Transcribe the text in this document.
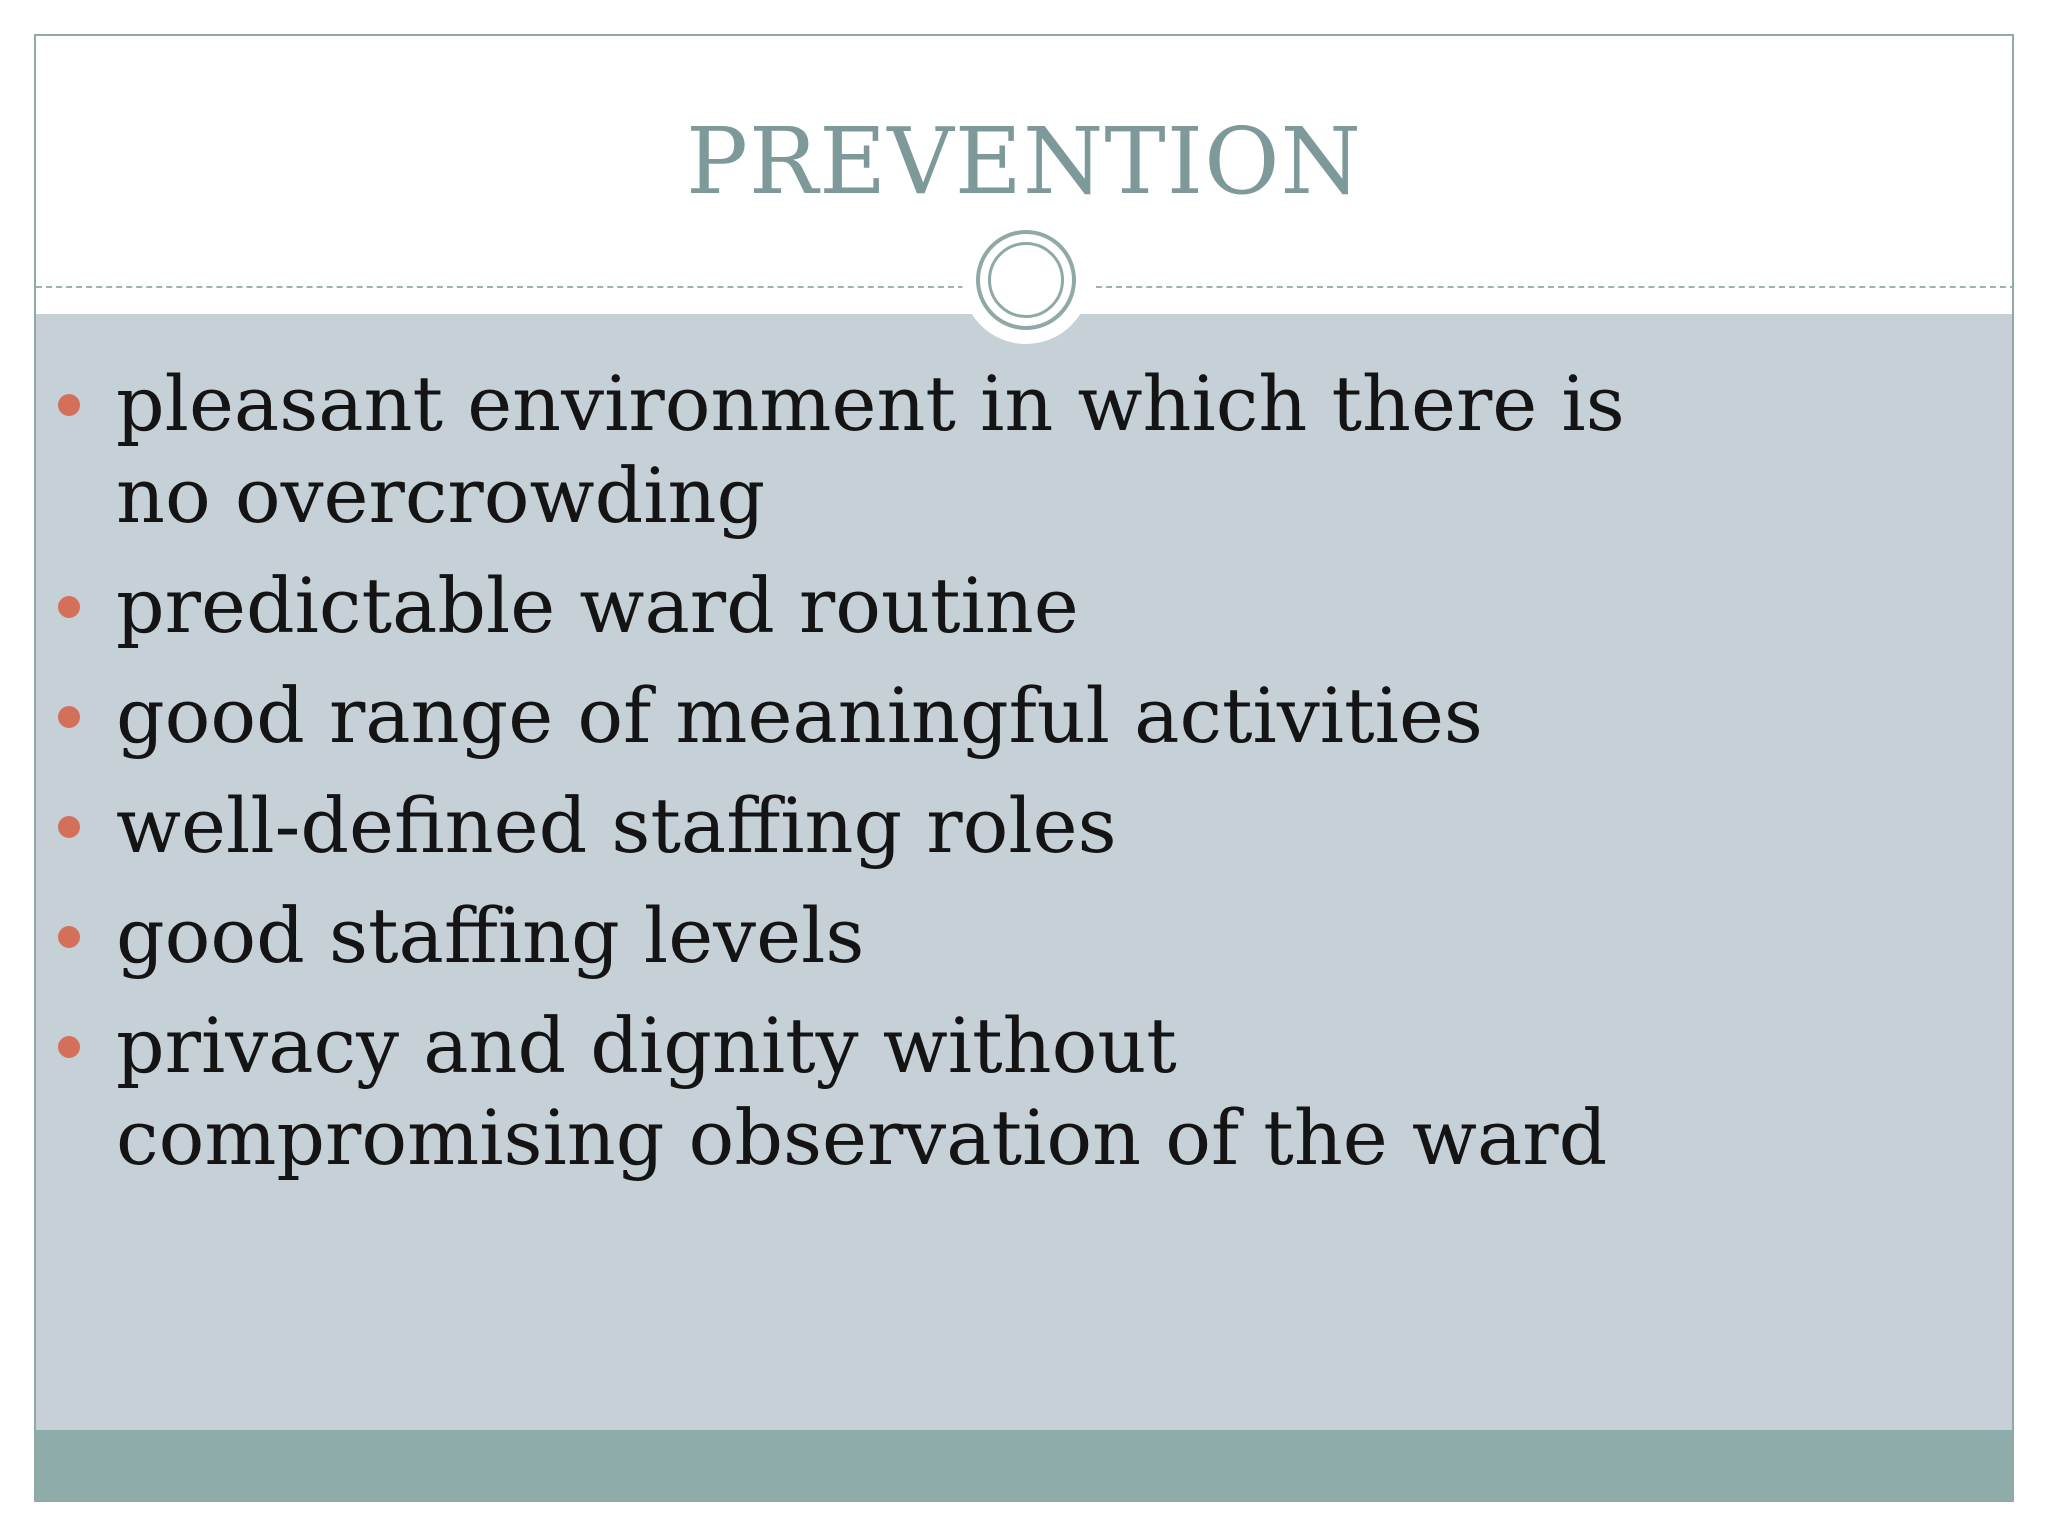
PREVENTION
pleasant environment in which there is no overcrowding
predictable ward routine
good range of meaningful activities
well-defined staffing roles
good staffing levels
privacy and dignity without compromising observation of the ward
